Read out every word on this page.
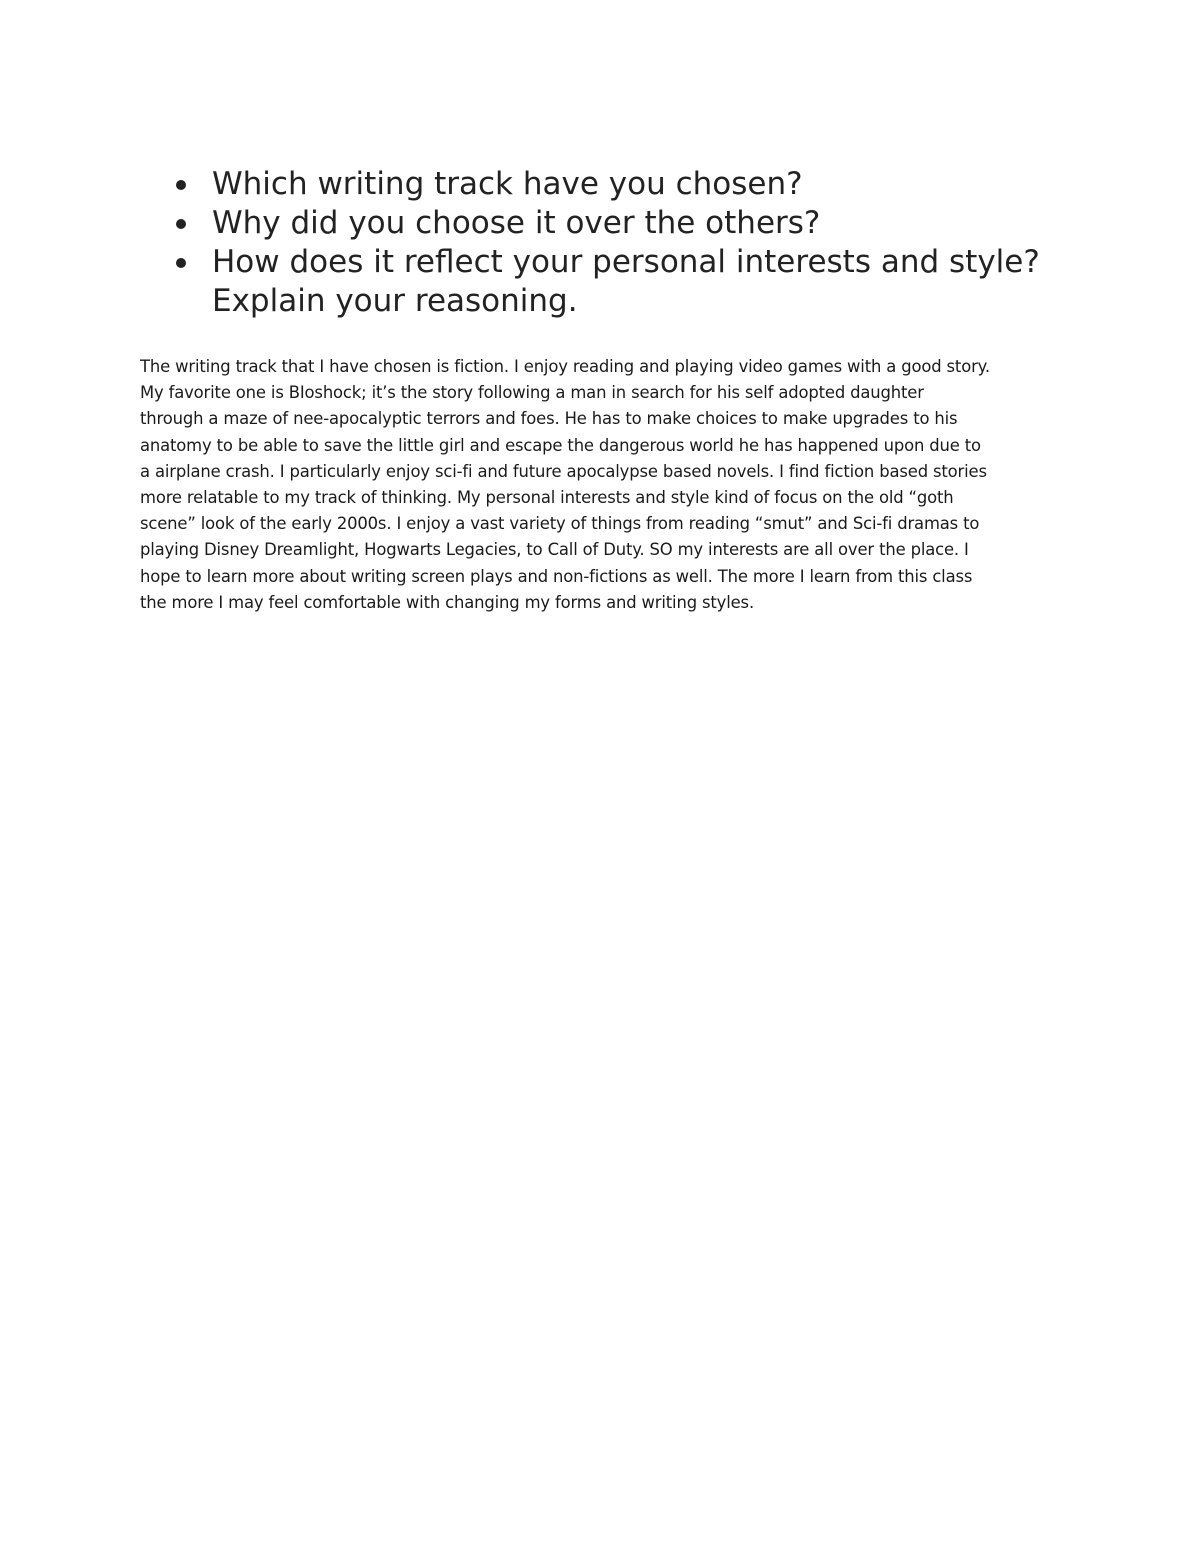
Which writing track have you chosen?
Why did you choose it over the others?
How does it reflect your personal interests and style? Explain your reasoning.
The writing track that I have chosen is fiction. I enjoy reading and playing video games with a good story.
My favorite one is BIoshock; it’s the story following a man in search for his self adopted daughter
through a maze of nee-apocalyptic terrors and foes. He has to make choices to make upgrades to his
anatomy to be able to save the little girl and escape the dangerous world he has happened upon due to
a airplane crash. I particularly enjoy sci-fi and future apocalypse based novels. I find fiction based stories
more relatable to my track of thinking. My personal interests and style kind of focus on the old “goth
scene” look of the early 2000s. I enjoy a vast variety of things from reading “smut” and Sci-fi dramas to
playing Disney Dreamlight, Hogwarts Legacies, to Call of Duty. SO my interests are all over the place. I
hope to learn more about writing screen plays and non-fictions as well. The more I learn from this class
the more I may feel comfortable with changing my forms and writing styles.
